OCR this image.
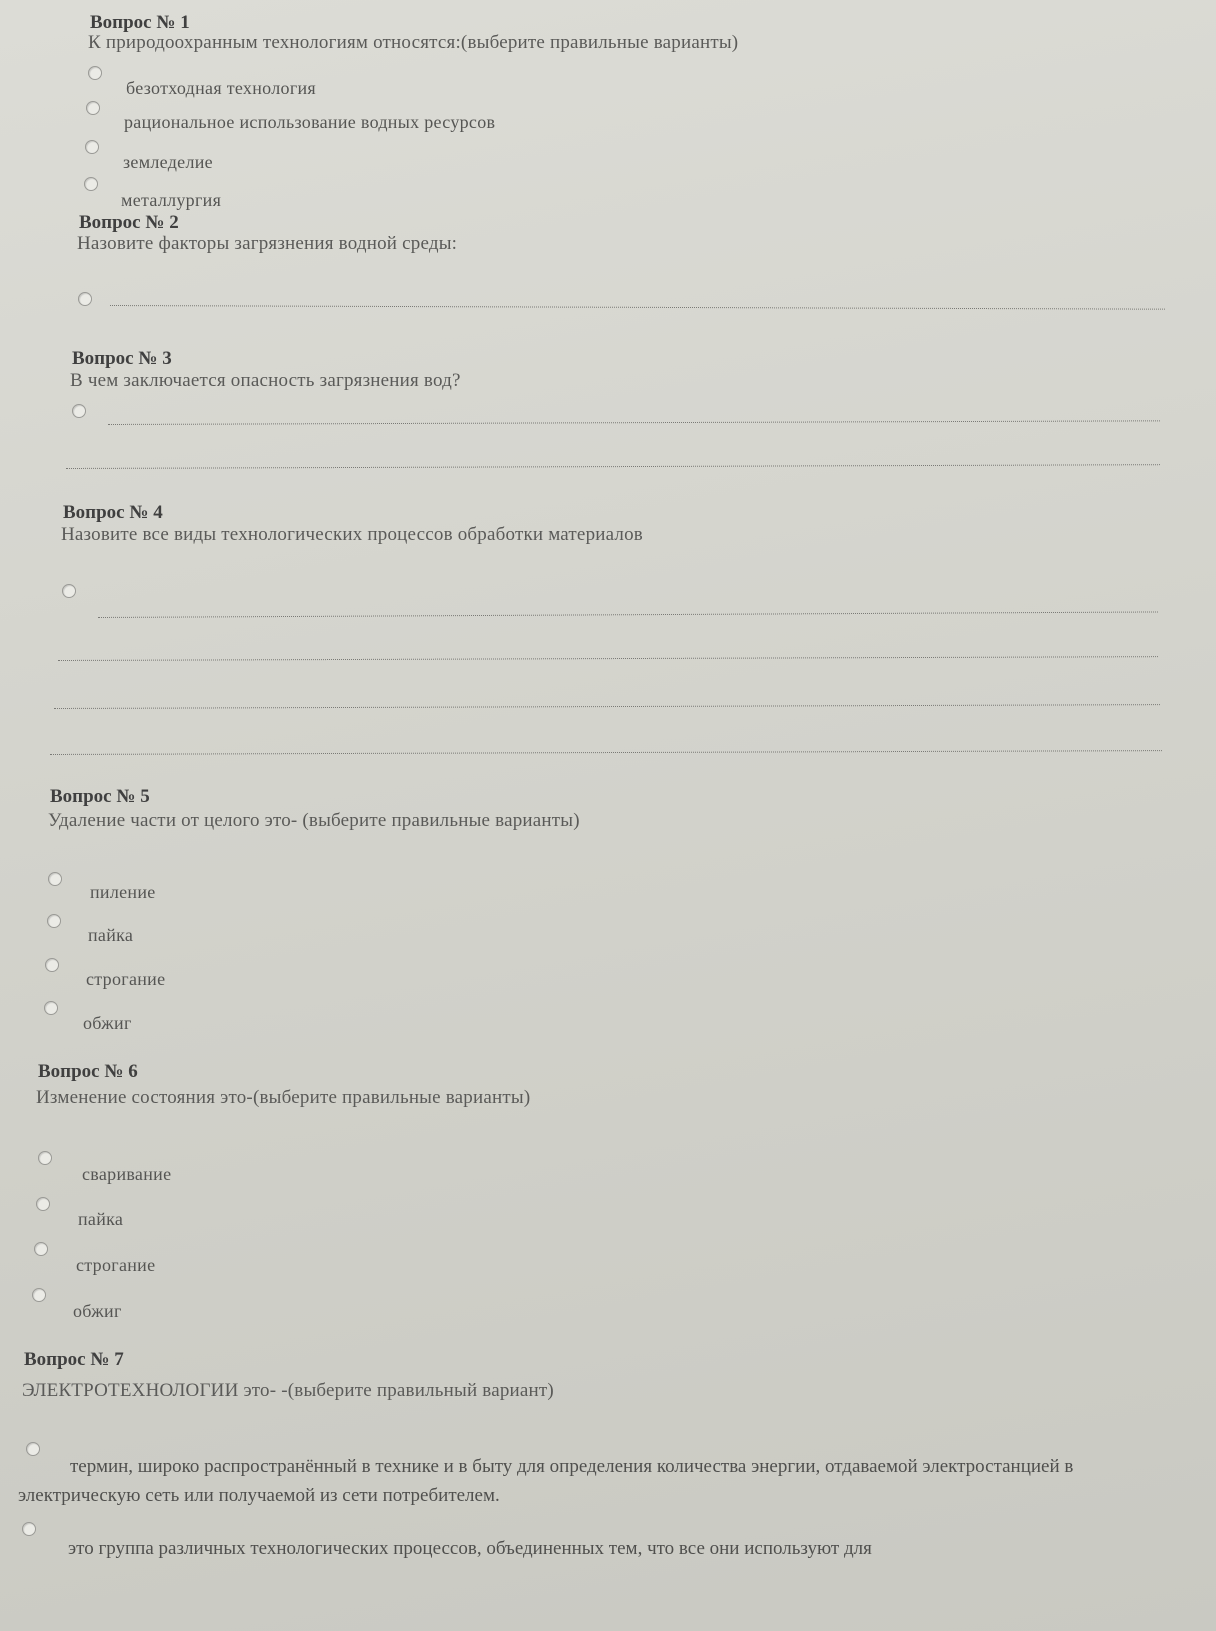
Вопрос № 1
К природоохранным технологиям относятся:(выберите правильные варианты)
безотходная технология
рациональное использование водных ресурсов
земледелие
металлургия
Вопрос № 2
Назовите факторы загрязнения водной среды:
Вопрос № 3
В чем заключается опасность загрязнения вод?
Вопрос № 4
Назовите все виды технологических процессов обработки материалов
Вопрос № 5
Удаление части от целого это- (выберите правильные варианты)
пиление
пайка
строгание
обжиг
Вопрос № 6
Изменение состояния это-(выберите правильные варианты)
сваривание
пайка
строгание
обжиг
Вопрос № 7
ЭЛЕКТРОТЕХНОЛОГИИ это- -(выберите правильный вариант)
термин, широко распространённый в технике и в быту для определения количества энергии, отдаваемой электростанцией в электрическую сеть или получаемой из сети потребителем.
это группа различных технологических процессов, объединенных тем, что все они используют для
